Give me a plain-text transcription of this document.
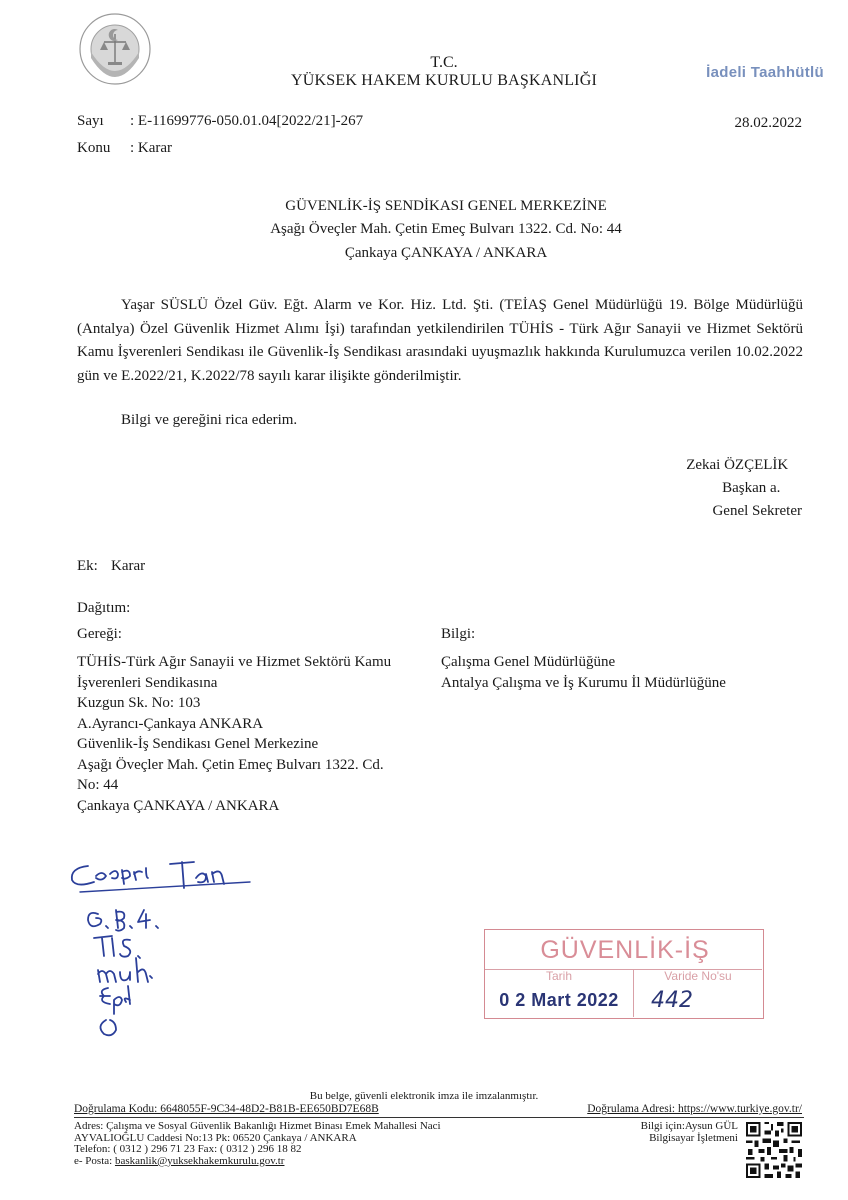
T.C.
YÜKSEK HAKEM KURULU BAŞKANLIĞI	İadeli Taahhütlü
Sayı : E-11699776-050.01.04[2022/21]-267	28.02.2022
Konu : Karar
GÜVENLİK-İŞ SENDİKASI GENEL MERKEZİNE
Aşağı Öveçler Mah. Çetin Emeç Bulvarı 1322. Cd. No: 44
Çankaya ÇANKAYA / ANKARA

Yaşar SÜSLÜ Özel Güv. Eğt. Alarm ve Kor. Hiz. Ltd. Şti. (TEİAŞ Genel Müdürlüğü 19. Bölge Müdürlüğü (Antalya) Özel Güvenlik Hizmet Alımı İşi) tarafından yetkilendirilen TÜHİS - Türk Ağır Sanayii ve Hizmet Sektörü Kamu İşverenleri Sendikası ile Güvenlik-İş Sendikası arasındaki uyuşmazlık hakkında Kurulumuzca verilen 10.02.2022 gün ve E.2022/21, K.2022/78 sayılı karar ilişikte gönderilmiştir.

Bilgi ve gereğini rica ederim.
Zekai ÖZÇELİK
Başkan a.
Genel Sekreter
Ek: Karar
Dağıtım:
Gereği:	Bilgi:
TÜHİS-Türk Ağır Sanayii ve Hizmet Sektörü Kamu
İşverenleri Sendikasına
Kuzgun Sk. No: 103
A.Ayrancı-Çankaya ANKARA
Güvenlik-İş Sendikası Genel Merkezine
Aşağı Öveçler Mah. Çetin Emeç Bulvarı 1322. Cd.
No: 44
Çankaya ÇANKAYA / ANKARA
Çalışma Genel Müdürlüğüne
Antalya Çalışma ve İş Kurumu İl Müdürlüğüne
GÜVENLİK-İŞ
Tarih	Varide No'su
0 2 Mart 2022	442
Bu belge, güvenli elektronik imza ile imzalanmıştır.
Doğrulama Kodu: 6648055F-9C34-48D2-B81B-EE650BD7E68B	Doğrulama Adresi: https://www.turkiye.gov.tr/
Adres: Çalışma ve Sosyal Güvenlik Bakanlığı Hizmet Binası Emek Mahallesi Naci
AYVALIOĞLU Caddesi No:13 Pk: 06520 Çankaya / ANKARA
Telefon: ( 0312 ) 296 71 23 Fax: ( 0312 ) 296 18 82
e- Posta: baskanlik@yuksekhakemkurulu.gov.tr
Bilgi için:Aysun GÜL
Bilgisayar İşletmeni
